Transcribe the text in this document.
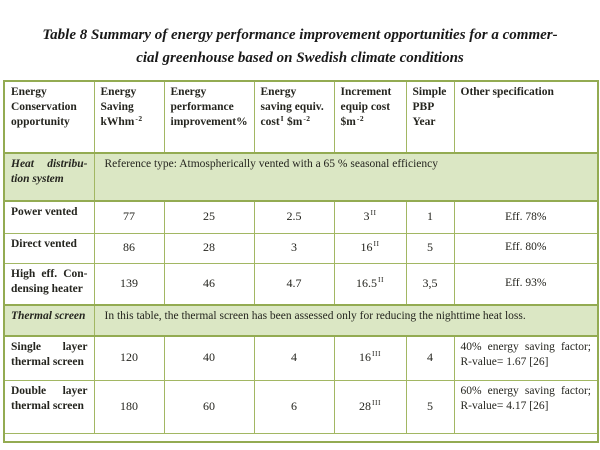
Table 8 Summary of energy performance improvement opportunities for a commer-
cial greenhouse based on Swedish climate conditions
Energy Conservation opportunity	Energy Saving kWhm$^{-2}$	Energy performance improvement%	Energy saving equiv. cost$^I$ $\$m^{-2}$	Increment equip cost $\$m^{-2}$	Simple PBP Year	Other specification
Heat distribution system	Reference type: Atmospherically vented with a 65 % seasonal efficiency					
Power vented	77	25	2.5	$3^{II}$	1	Eff. 78%
Direct vented	86	28	3	$16^{II}$	5	Eff. 80%
High eff. Condensing heater	139	46	4.7	$16.5^{II}$	3,5	Eff. 93%
Thermal screen	In this table, the thermal screen has been assessed only for reducing the nighttime heat loss.					
Single layer thermal screen	120	40	4	$16^{III}$	4	40% energy saving factor; R-value= 1.67 [26]
Double layer thermal screen	180	60	6	$28^{III}$	5	60% energy saving factor; R-value= 4.17 [26]
